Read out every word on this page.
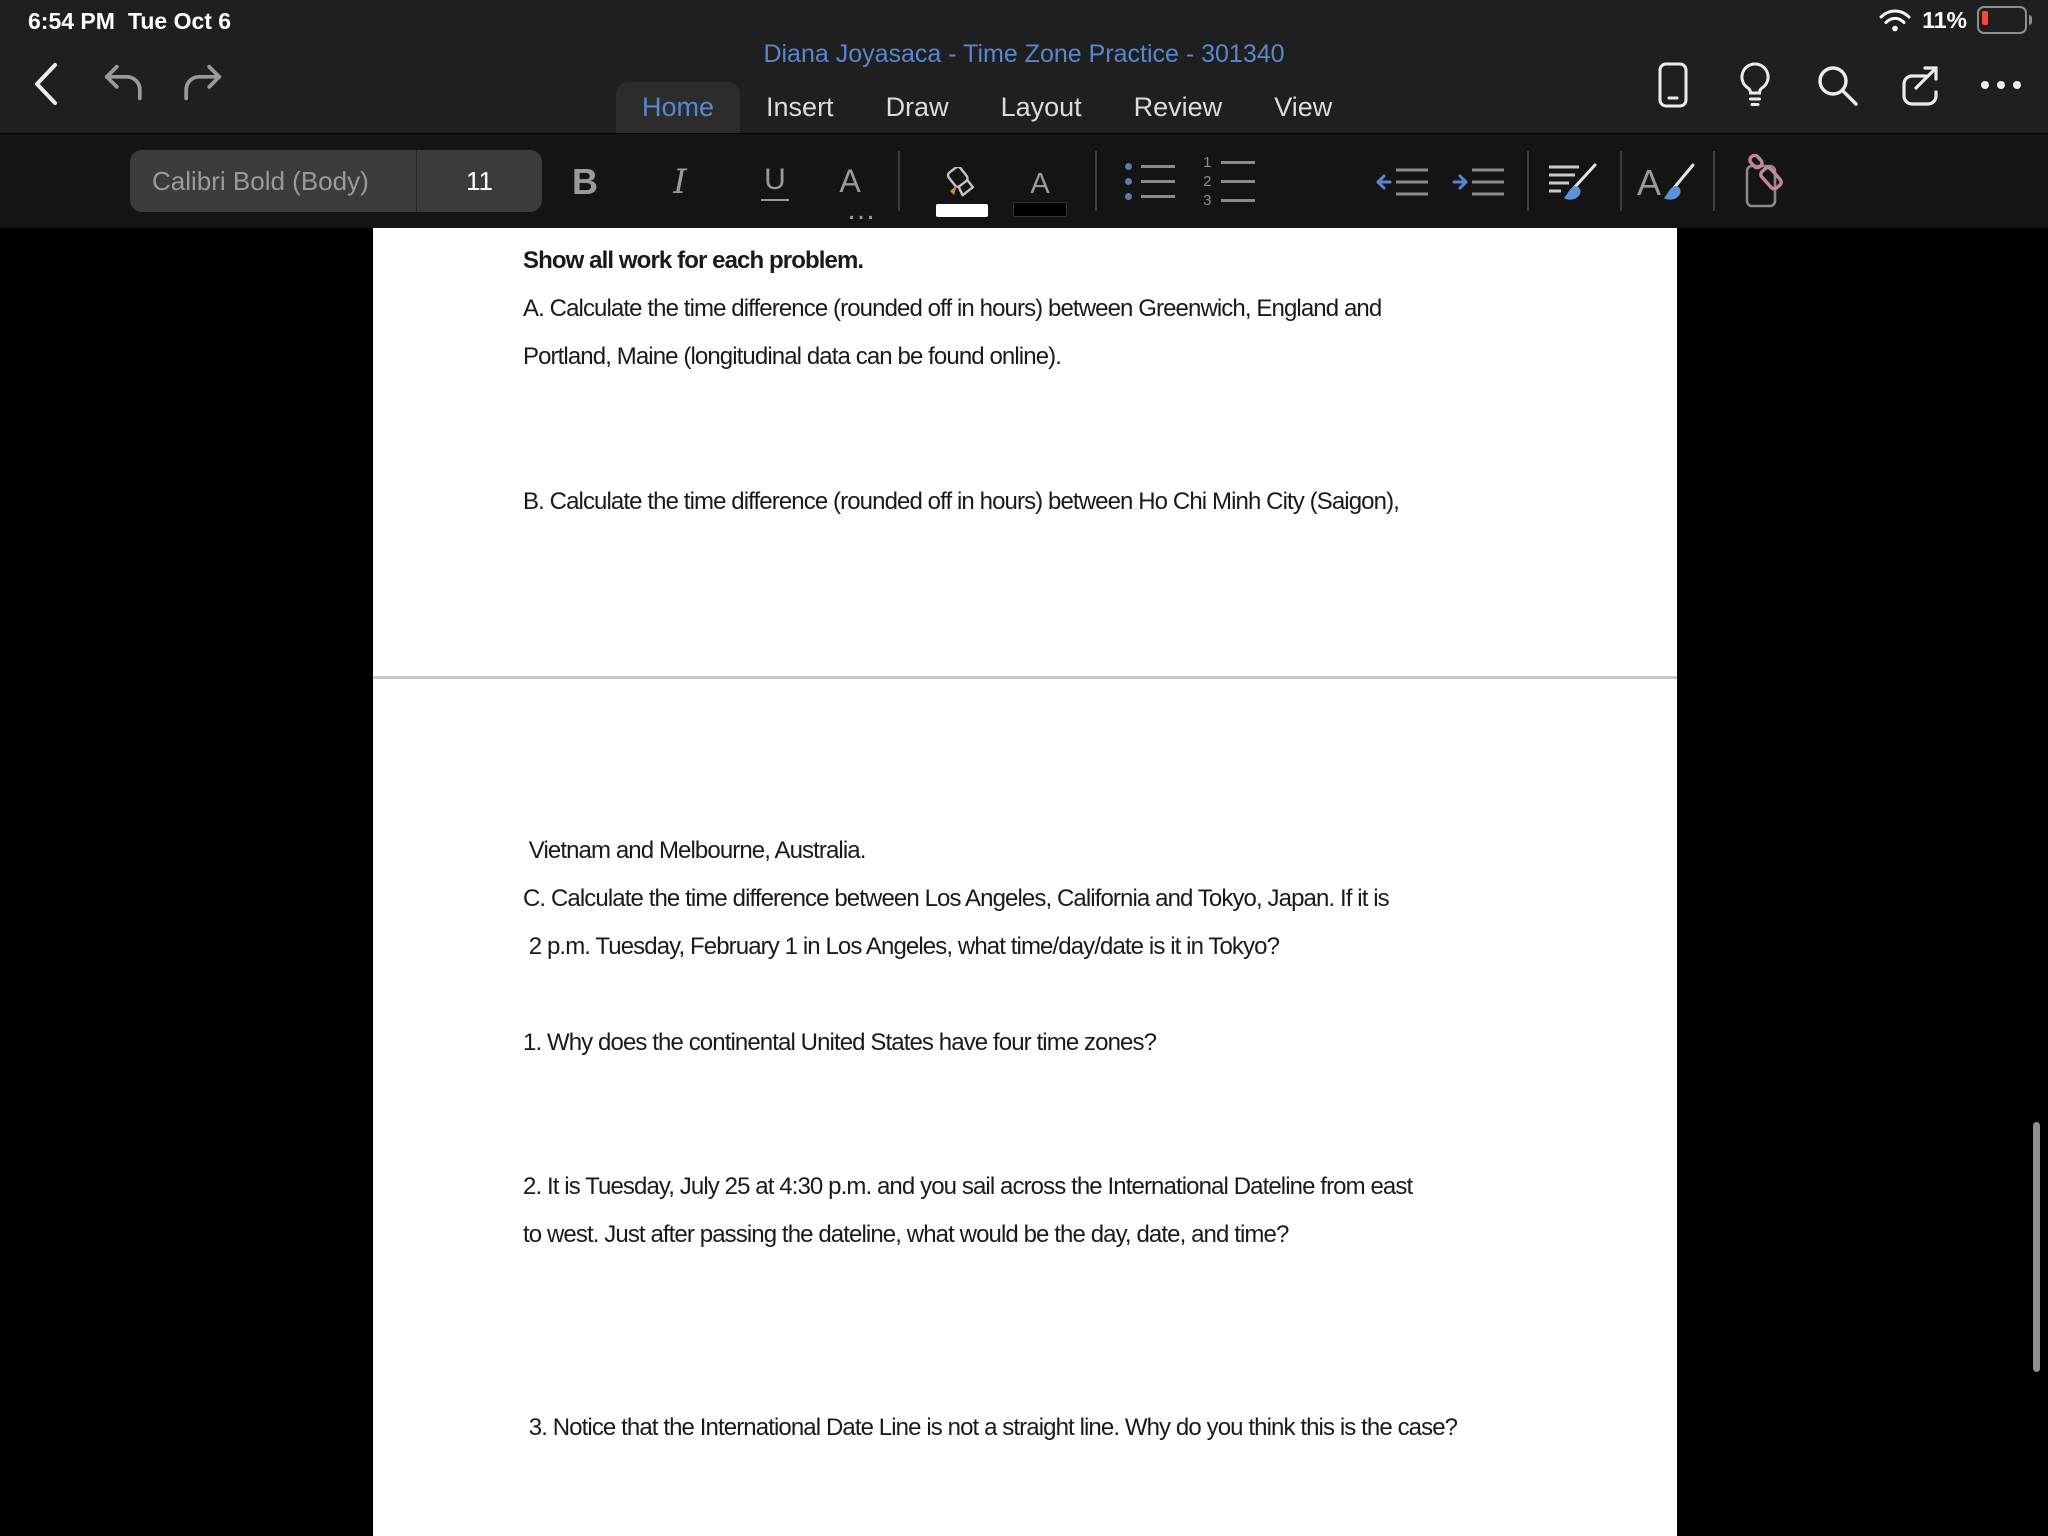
6:54 PM Tue Oct 6	11%
Diana Joyasaca - Time Zone Practice - 301340
Home Insert Draw Layout Review View
Calibri Bold (Body)	11	B I	U A
…
A
1
2
3	A
Show all work for each problem.
A. Calculate the time difference (rounded off in hours) between Greenwich, England and
Portland, Maine (longitudinal data can be found online).
B. Calculate the time difference (rounded off in hours) between Ho Chi Minh City (Saigon),
Vietnam and Melbourne, Australia.
C. Calculate the time difference between Los Angeles, California and Tokyo, Japan. If it is
2 p.m. Tuesday, February 1 in Los Angeles, what time/day/date is it in Tokyo?
1. Why does the continental United States have four time zones?
2. It is Tuesday, July 25 at 4:30 p.m. and you sail across the International Dateline from east
to west. Just after passing the dateline, what would be the day, date, and time?
3. Notice that the International Date Line is not a straight line. Why do you think this is the case?
